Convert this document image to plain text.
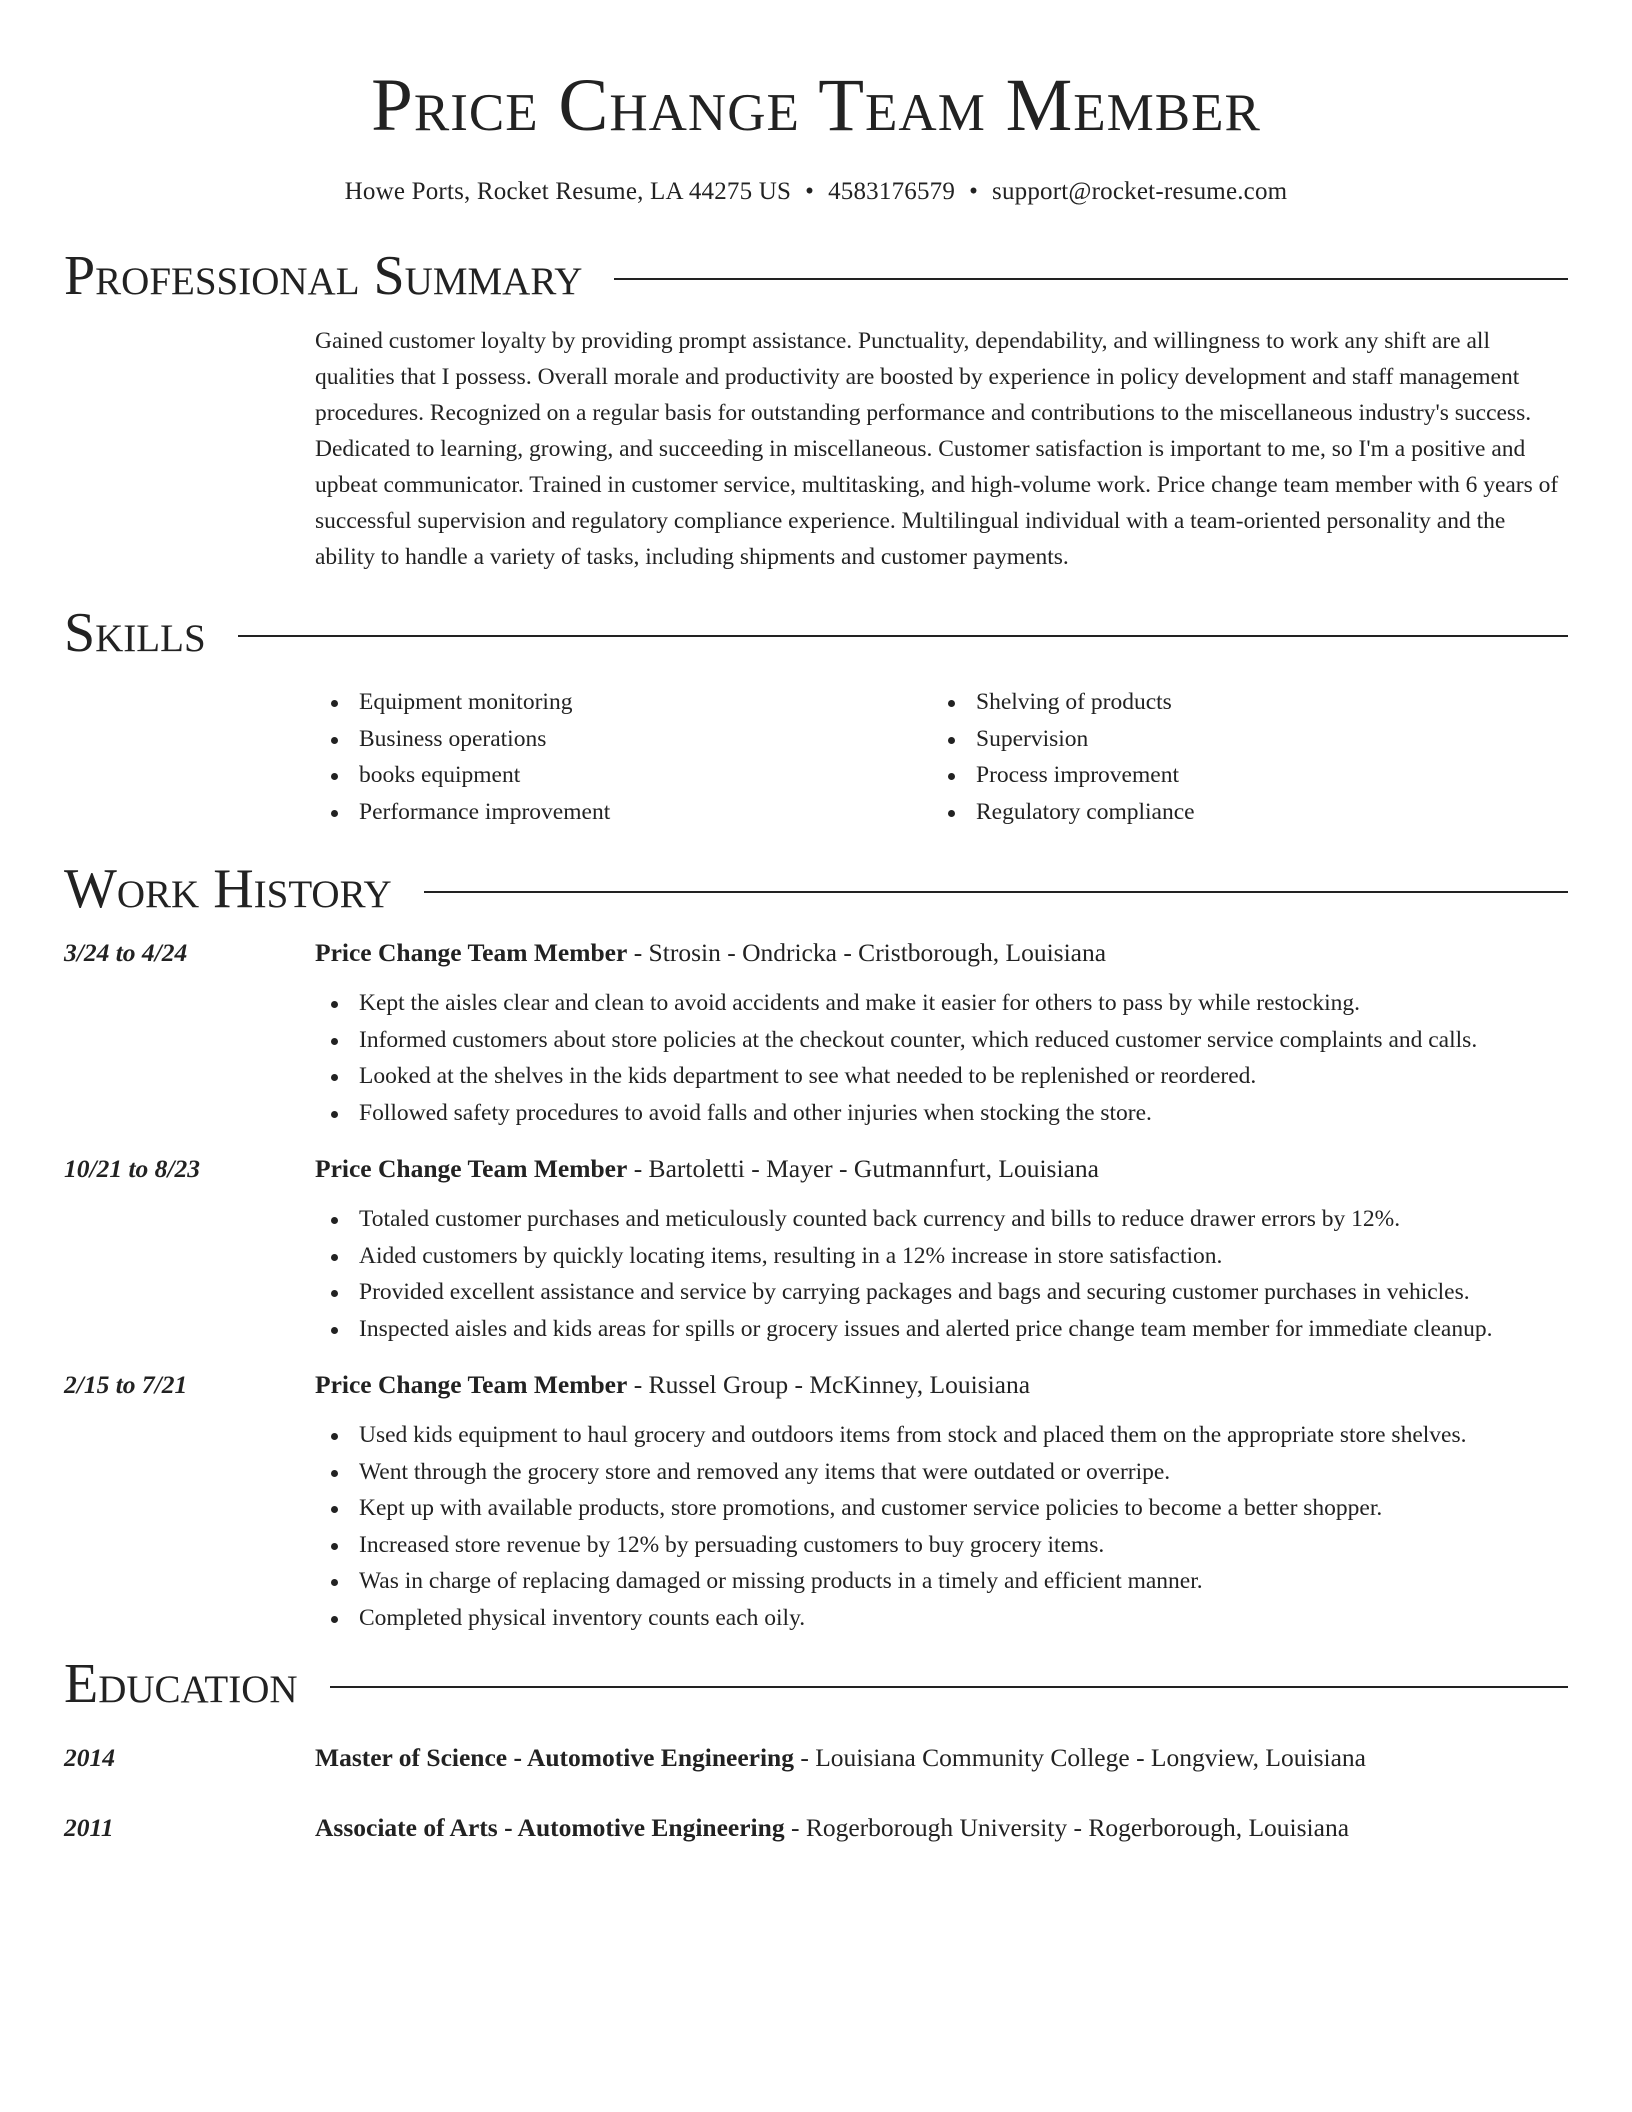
Price Change Team Member
Howe Ports, Rocket Resume, LA 44275 US • 4583176579 • support@rocket-resume.com
Professional Summary

Gained customer loyalty by providing prompt assistance. Punctuality, dependability, and willingness to work any shift are all qualities that I possess. Overall morale and productivity are boosted by experience in policy development and staff management procedures. Recognized on a regular basis for outstanding performance and contributions to the miscellaneous industry's success. Dedicated to learning, growing, and succeeding in miscellaneous. Customer satisfaction is important to me, so I'm a positive and upbeat communicator. Trained in customer service, multitasking, and high-volume work. Price change team member with 6 years of successful supervision and regulatory compliance experience. Multilingual individual with a team-oriented personality and the ability to handle a variety of tasks, including shipments and customer payments.

Skills
Equipment monitoring
Business operations
books equipment
Performance improvement
Shelving of products
Supervision
Process improvement
Regulatory compliance
Work History
3/24 to 4/24	Price Change Team Member - Strosin - Ondricka - Cristborough, Louisiana
Kept the aisles clear and clean to avoid accidents and make it easier for others to pass by while restocking.
Informed customers about store policies at the checkout counter, which reduced customer service complaints and calls.
Looked at the shelves in the kids department to see what needed to be replenished or reordered.
Followed safety procedures to avoid falls and other injuries when stocking the store.
10/21 to 8/23	Price Change Team Member - Bartoletti - Mayer - Gutmannfurt, Louisiana
Totaled customer purchases and meticulously counted back currency and bills to reduce drawer errors by 12%.
Aided customers by quickly locating items, resulting in a 12% increase in store satisfaction.
Provided excellent assistance and service by carrying packages and bags and securing customer purchases in vehicles.
Inspected aisles and kids areas for spills or grocery issues and alerted price change team member for immediate cleanup.
2/15 to 7/21	Price Change Team Member - Russel Group - McKinney, Louisiana
Used kids equipment to haul grocery and outdoors items from stock and placed them on the appropriate store shelves.
Went through the grocery store and removed any items that were outdated or overripe.
Kept up with available products, store promotions, and customer service policies to become a better shopper.
Increased store revenue by 12% by persuading customers to buy grocery items.
Was in charge of replacing damaged or missing products in a timely and efficient manner.
Completed physical inventory counts each oily.
Education
2014	Master of Science - Automotive Engineering - Louisiana Community College - Longview, Louisiana
2011	Associate of Arts - Automotive Engineering - Rogerborough University - Rogerborough, Louisiana
